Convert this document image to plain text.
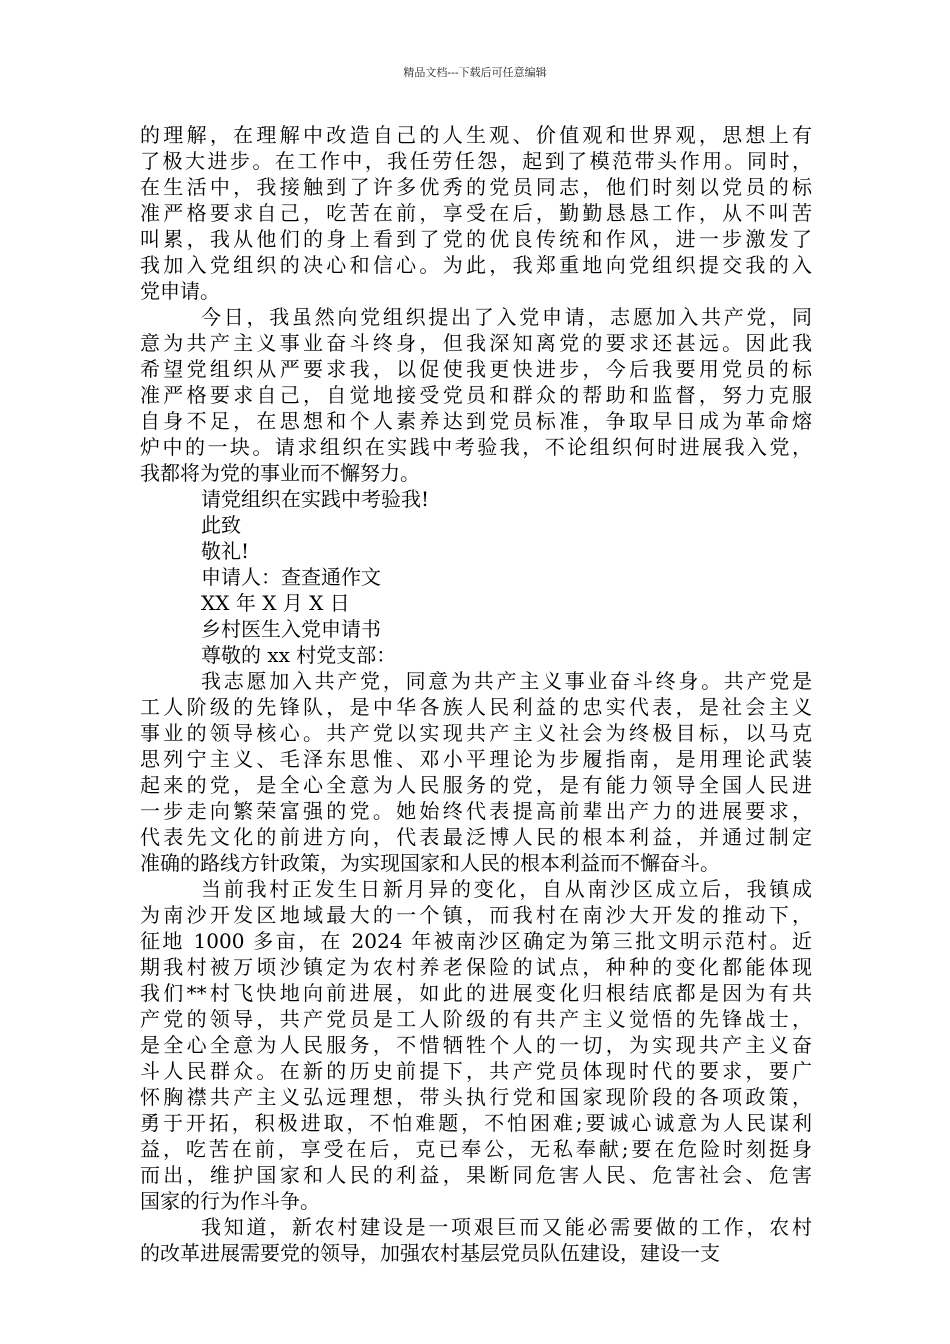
精品文档---下载后可任意编辑
的理解，在理解中改造自己的人生观、价值观和世界观，思想上有
了极大进步。在工作中，我任劳任怨，起到了模范带头作用。同时，
在生活中，我接触到了许多优秀的党员同志，他们时刻以党员的标
准严格要求自己，吃苦在前，享受在后，勤勤恳恳工作，从不叫苦
叫累，我从他们的身上看到了党的优良传统和作风，进一步激发了
我加入党组织的决心和信心。为此，我郑重地向党组织提交我的入
党申请。
今日，我虽然向党组织提出了入党申请，志愿加入共产党，同
意为共产主义事业奋斗终身，但我深知离党的要求还甚远。因此我
希望党组织从严要求我，以促使我更快进步，今后我要用党员的标
准严格要求自己，自觉地接受党员和群众的帮助和监督，努力克服
自身不足，在思想和个人素养达到党员标准，争取早日成为革命熔
炉中的一块。请求组织在实践中考验我，不论组织何时进展我入党，
我都将为党的事业而不懈努力。
请党组织在实践中考验我!
此致
敬礼!
申请人：查查通作文
XX 年 X 月 X 日
乡村医生入党申请书
尊敬的 xx 村党支部：
我志愿加入共产党，同意为共产主义事业奋斗终身。共产党是
工人阶级的先锋队，是中华各族人民利益的忠实代表，是社会主义
事业的领导核心。共产党以实现共产主义社会为终极目标，以马克
思列宁主义、毛泽东思惟、邓小平理论为步履指南，是用理论武装
起来的党，是全心全意为人民服务的党，是有能力领导全国人民进
一步走向繁荣富强的党。她始终代表提高前辈出产力的进展要求，
代表先文化的前进方向，代表最泛博人民的根本利益，并通过制定
准确的路线方针政策，为实现国家和人民的根本利益而不懈奋斗。
当前我村正发生日新月异的变化，自从南沙区成立后，我镇成
为南沙开发区地域最大的一个镇，而我村在南沙大开发的推动下，
征地 1000 多亩，在 2024 年被南沙区确定为第三批文明示范村。近
期我村被万顷沙镇定为农村养老保险的试点，种种的变化都能体现
我们**村飞快地向前进展，如此的进展变化归根结底都是因为有共
产党的领导，共产党员是工人阶级的有共产主义觉悟的先锋战士，
是全心全意为人民服务，不惜牺牲个人的一切，为实现共产主义奋
斗人民群众。在新的历史前提下，共产党员体现时代的要求，要广
怀胸襟共产主义弘远理想，带头执行党和国家现阶段的各项政策，
勇于开拓，积极进取，不怕难题，不怕困难;要诚心诚意为人民谋利
益，吃苦在前，享受在后，克已奉公，无私奉献;要在危险时刻挺身
而出，维护国家和人民的利益，果断同危害人民、危害社会、危害
国家的行为作斗争。
我知道，新农村建设是一项艰巨而又能必需要做的工作，农村
的改革进展需要党的领导，加强农村基层党员队伍建设，建设一支
